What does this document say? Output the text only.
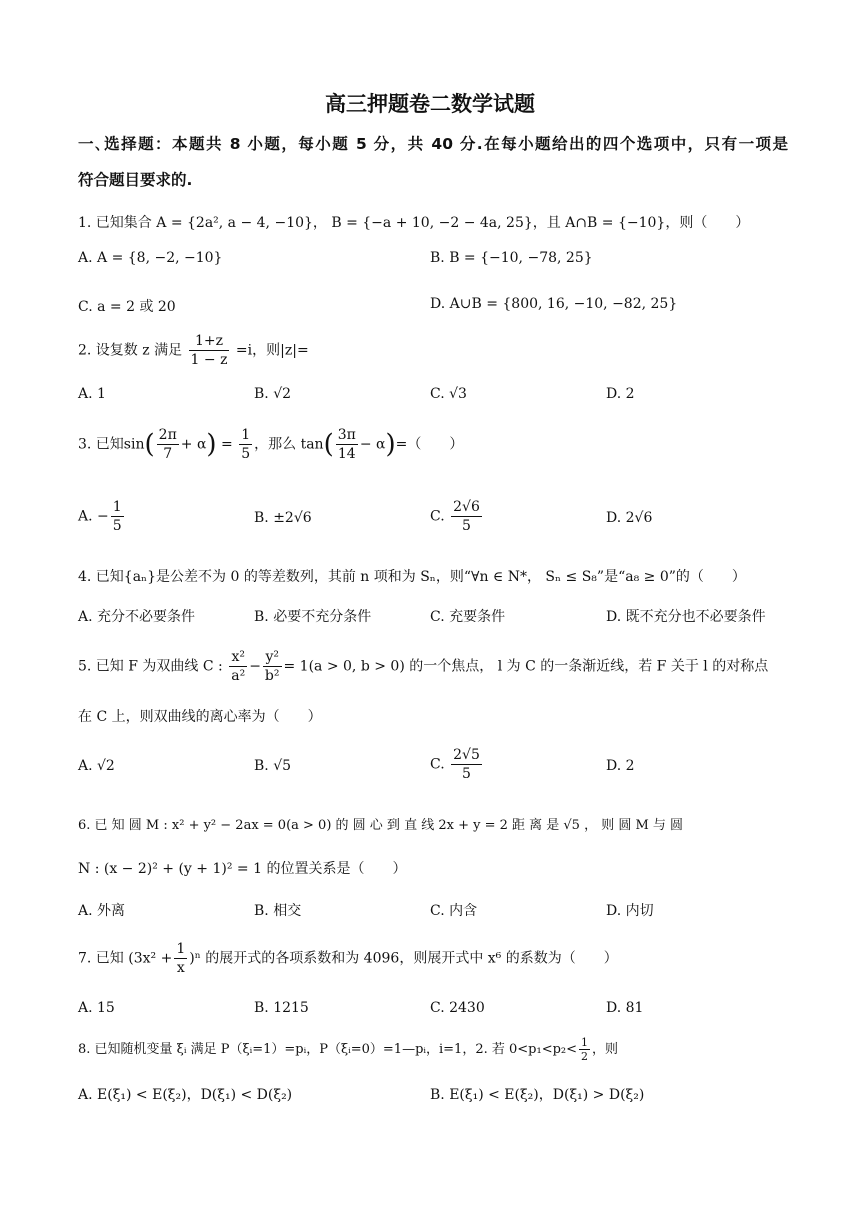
高三押题卷二数学试题
一､选择题：本题共 8 小题，每小题 5 分，共 40 分.在每小题给出的四个选项中，只有一项是
符合题目要求的.
1. 已知集合 A = {2a², a − 4, −10}， B = {−a + 10, −2 − 4a, 25}，且 A∩B = {−10}，则（　　）
A. A = {8, −2, −10}	B. B = {−10, −78, 25}
C. a = 2 或 20	D. A∪B = {800, 16, −10, −82, 25}
2. 设复数 z 满足 $\frac{1+z}{1 - z} =i$，则|z|=
A. 1	B. √2	C. √3	D. 2
3. 已知$\sin( \frac{2\pi}{7} + \alpha) = \frac{1}{5}$ ，那么 $\tan( \frac{3\pi}{14} - \alpha)=$（　　）
A. − $\frac{1}{5}$	B. ±2√6	C. $\frac{2√6}{5}$	D. 2√6
4. 已知{aₙ}是公差不为 0 的等差数列，其前 n 项和为 Sₙ，则“∀n ∈ N*， Sₙ ≤ S₈”是“a₈ ≥ 0”的（　　）
A. 充分不必要条件	B. 必要不充分条件	C. 充要条件	D. 既不充分也不必要条件
5. 已知 F 为双曲线 C : $\frac{\text{x²}}{\text{a²}} - \frac{\text{y²}}{\text{b²}} = 1(a > 0$, b > 0) 的一个焦点， l 为 C 的一条渐近线，若 F 关于 l 的对称点
在 C 上，则双曲线的离心率为（　　）
A. √2	B. √5	C. $\frac{2√5}{5}$	D. 2
6. 已 知 圆 M : x² + y² − 2ax = 0(a > 0) 的 圆 心 到 直 线 2x + y = 2 距 离 是 √5 ， 则 圆 M 与 圆
N : (x − 2)² + (y + 1)² = 1 的位置关系是（　　）
A. 外离	B. 相交	C. 内含	D. 内切
7. 已知 $(3x^2 + \frac{1}{x} )^n$ 的展开式的各项系数和为 4096，则展开式中 x⁶ 的系数为（　　）
A. 15	B. 1215	C. 2430	D. 81
8. 已知随机变量 ξᵢ 满足 P（ξᵢ=1）=pᵢ，P（ξᵢ=0）=1—pᵢ，i=1，2. 若 $0<p_1<p_2< \frac{1}{2}$ ，则
A. E(ξ₁) < E(ξ₂)，D(ξ₁) < D(ξ₂)	B. E(ξ₁) < E(ξ₂)，D(ξ₁) > D(ξ₂)
